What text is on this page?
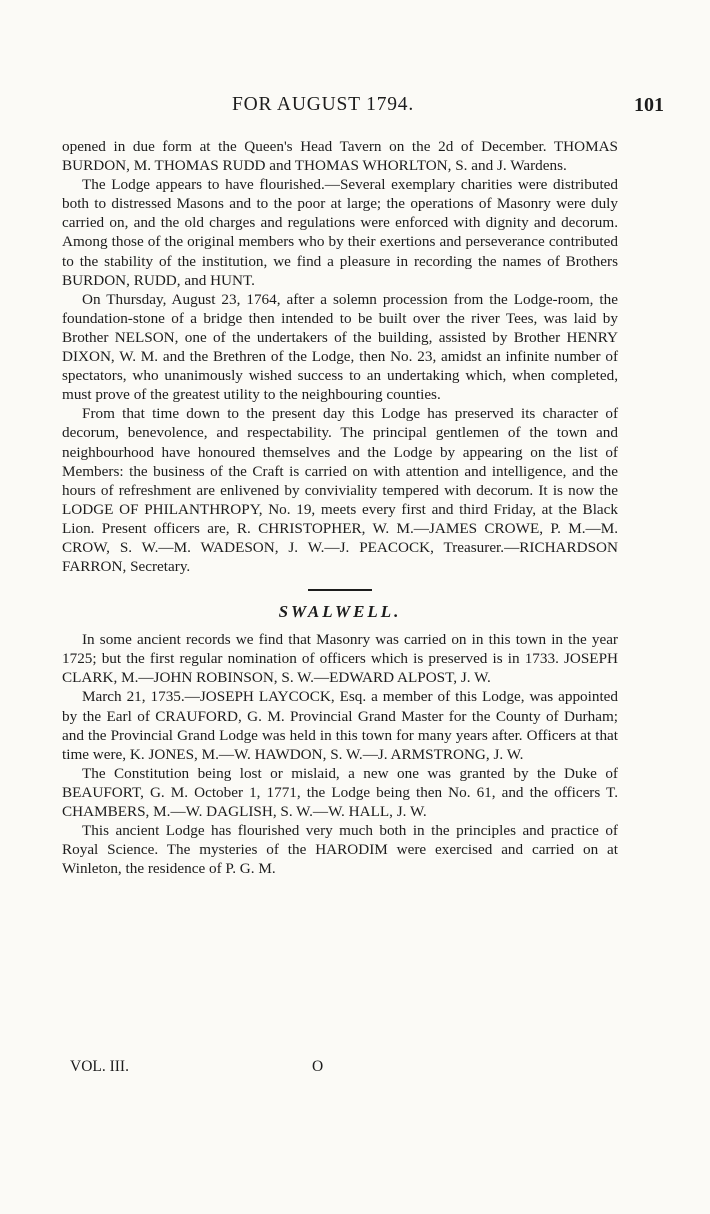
FOR AUGUST 1794.	101

opened in due form at the Queen's Head Tavern on the 2d of December. THOMAS BURDON, M. THOMAS RUDD and THOMAS WHORLTON, S. and J. Wardens.

The Lodge appears to have flourished.—Several exemplary charities were distributed both to distressed Masons and to the poor at large; the operations of Masonry were duly carried on, and the old charges and regulations were enforced with dignity and decorum. Among those of the original members who by their exertions and perseverance contributed to the stability of the institution, we find a pleasure in recording the names of Brothers BURDON, RUDD, and HUNT.

On Thursday, August 23, 1764, after a solemn procession from the Lodge-room, the foundation-stone of a bridge then intended to be built over the river Tees, was laid by Brother NELSON, one of the undertakers of the building, assisted by Brother HENRY DIXON, W. M. and the Brethren of the Lodge, then No. 23, amidst an infinite number of spectators, who unanimously wished success to an undertaking which, when completed, must prove of the greatest utility to the neighbouring counties.

From that time down to the present day this Lodge has preserved its character of decorum, benevolence, and respectability. The principal gentlemen of the town and neighbourhood have honoured themselves and the Lodge by appearing on the list of Members: the business of the Craft is carried on with attention and intelligence, and the hours of refreshment are enlivened by conviviality tempered with decorum. It is now the LODGE OF PHILANTHROPY, No. 19, meets every first and third Friday, at the Black Lion. Present officers are, R. CHRISTOPHER, W. M.—JAMES CROWE, P. M.—M. CROW, S. W.—M. WADESON, J. W.—J. PEACOCK, Treasurer.—RICHARDSON FARRON, Secretary.

SWALWELL.

In some ancient records we find that Masonry was carried on in this town in the year 1725; but the first regular nomination of officers which is preserved is in 1733. JOSEPH CLARK, M.—JOHN ROBINSON, S. W.—EDWARD ALPOST, J. W.

March 21, 1735.—JOSEPH LAYCOCK, Esq. a member of this Lodge, was appointed by the Earl of CRAUFORD, G. M. Provincial Grand Master for the County of Durham; and the Provincial Grand Lodge was held in this town for many years after. Officers at that time were, K. JONES, M.—W. HAWDON, S. W.—J. ARMSTRONG, J. W.

The Constitution being lost or mislaid, a new one was granted by the Duke of BEAUFORT, G. M. October 1, 1771, the Lodge being then No. 61, and the officers T. CHAMBERS, M.—W. DAGLISH, S. W.—W. HALL, J. W.

This ancient Lodge has flourished very much both in the principles and practice of Royal Science. The mysteries of the HARODIM were exercised and carried on at Winleton, the residence of P. G. M.

VOL. III.	O
